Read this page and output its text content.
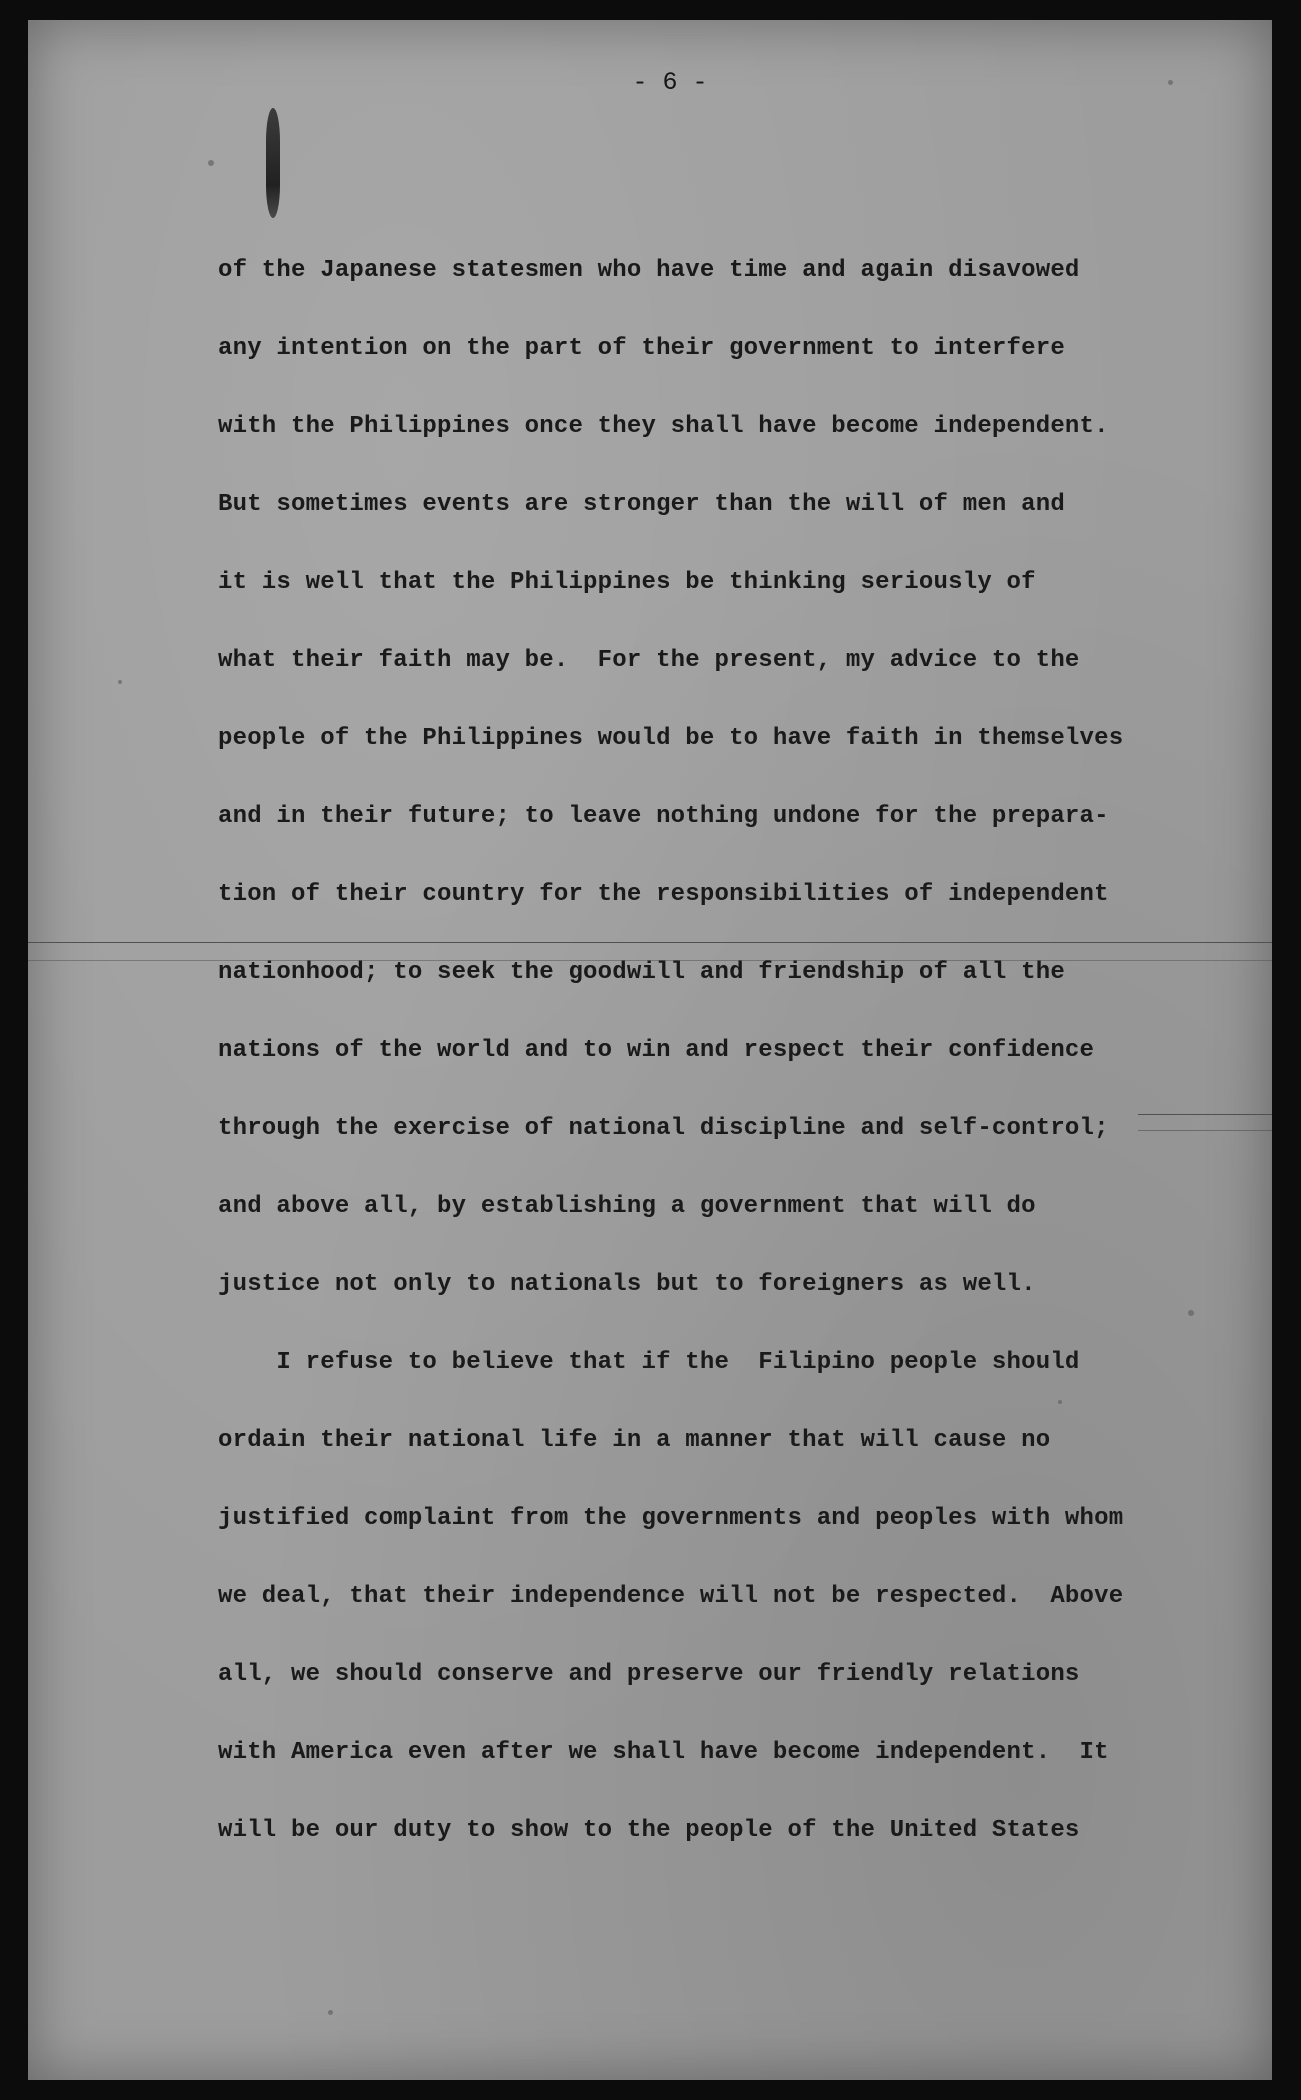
- 6 -

of the Japanese statesmen who have time and again disavowed
any intention on the part of their government to interfere
with the Philippines once they shall have become independent.
But sometimes events are stronger than the will of men and
it is well that the Philippines be thinking seriously of
what their faith may be.  For the present, my advice to the
people of the Philippines would be to have faith in themselves
and in their future; to leave nothing undone for the prepara-
tion of their country for the responsibilities of independent
nationhood; to seek the goodwill and friendship of all the
nations of the world and to win and respect their confidence
through the exercise of national discipline and self-control;
and above all, by establishing a government that will do
justice not only to nationals but to foreigners as well.
I refuse to believe that if the  Filipino people should
ordain their national life in a manner that will cause no
justified complaint from the governments and peoples with whom
we deal, that their independence will not be respected.  Above
all, we should conserve and preserve our friendly relations
with America even after we shall have become independent.  It
will be our duty to show to the people of the United States
